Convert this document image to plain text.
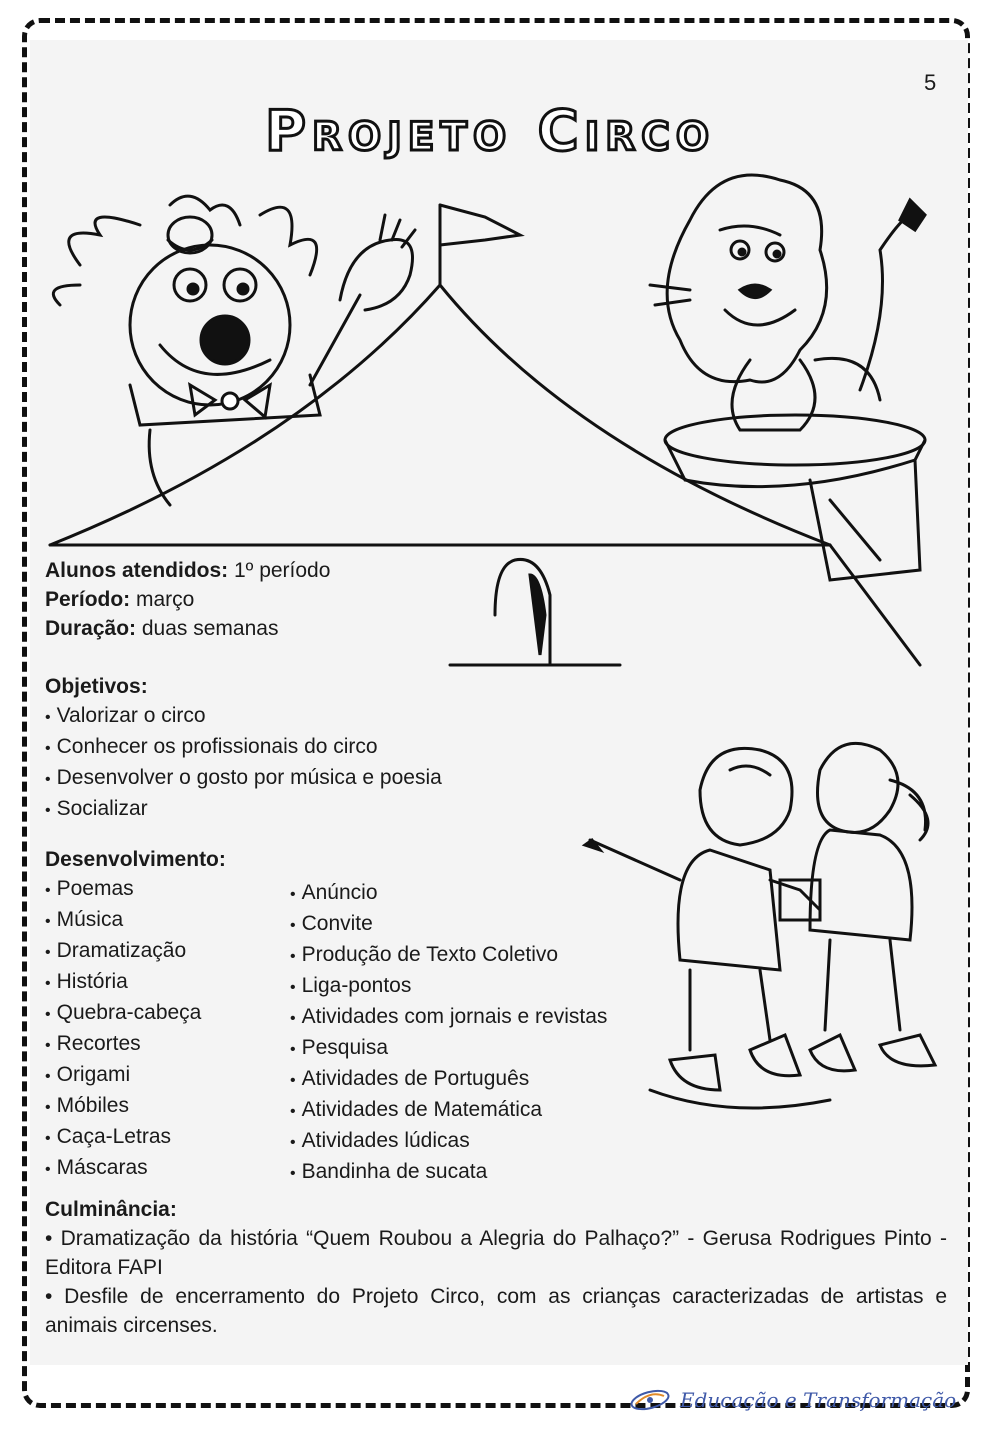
5
Projeto Circo
Alunos atendidos: 1º período
Período: março
Duração: duas semanas
Objetivos:
• Valorizar o circo
• Conhecer os profissionais do circo
• Desenvolver o gosto por música e poesia
• Socializar
Desenvolvimento:
• Poemas
• Música
• Dramatização
• História
• Quebra-cabeça
• Recortes
• Origami
• Móbiles
• Caça-Letras
• Máscaras
• Anúncio
• Convite
• Produção de Texto Coletivo
• Liga-pontos
• Atividades com jornais e revistas
• Pesquisa
• Atividades de Português
• Atividades de Matemática
• Atividades lúdicas
• Bandinha de sucata
Culminância:

• Dramatização da história “Quem Roubou a Alegria do Palhaço?” - Gerusa Rodrigues Pinto - Editora FAPI

• Desfile de encerramento do Projeto Circo, com as crianças caracterizadas de artistas e animais circenses.

Educação e Transformação
